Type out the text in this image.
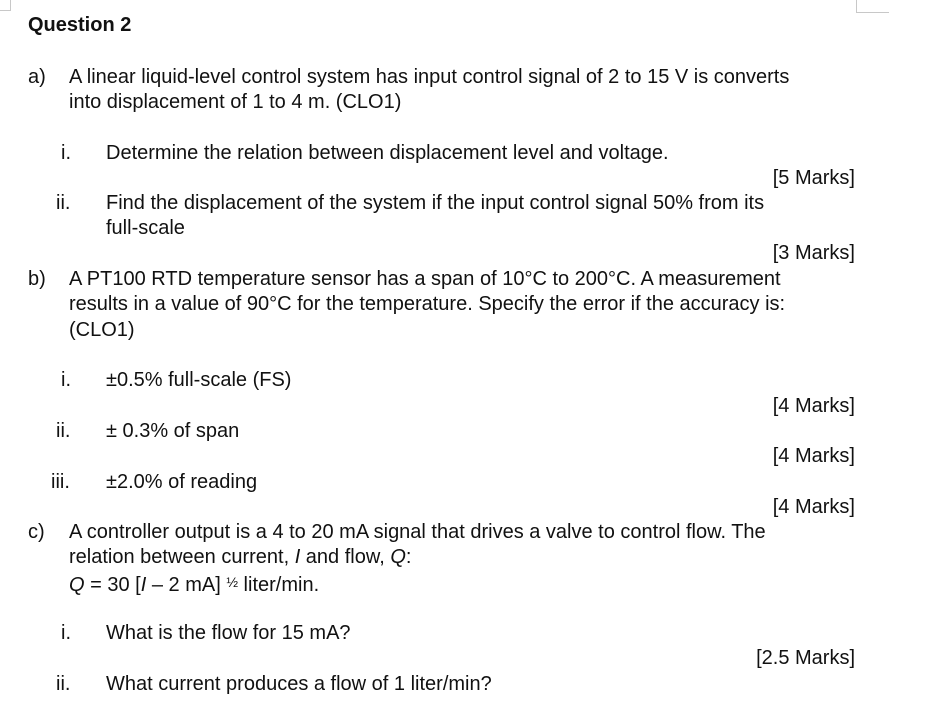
Question 2
a) A linear liquid-level control system has input control signal of 2 to 15 V is converts
into displacement of 1 to 4 m. (CLO1)
i. Determine the relation between displacement level and voltage.
[5 Marks]
ii. Find the displacement of the system if the input control signal 50% from its
full-scale
[3 Marks]
b) A PT100 RTD temperature sensor has a span of 10°C to 200°C. A measurement
results in a value of 90°C for the temperature. Specify the error if the accuracy is:
(CLO1)
i. ±0.5% full-scale (FS)
[4 Marks]
ii. ± 0.3% of span
[4 Marks]
iii. ±2.0% of reading
[4 Marks]
c) A controller output is a 4 to 20 mA signal that drives a valve to control flow. The
relation between current, I and flow, Q:
Q = 30 [I – 2 mA] $^{\frac{1}{2}}$ liter/min.
i. What is the flow for 15 mA?
[2.5 Marks]
ii. What current produces a flow of 1 liter/min?
